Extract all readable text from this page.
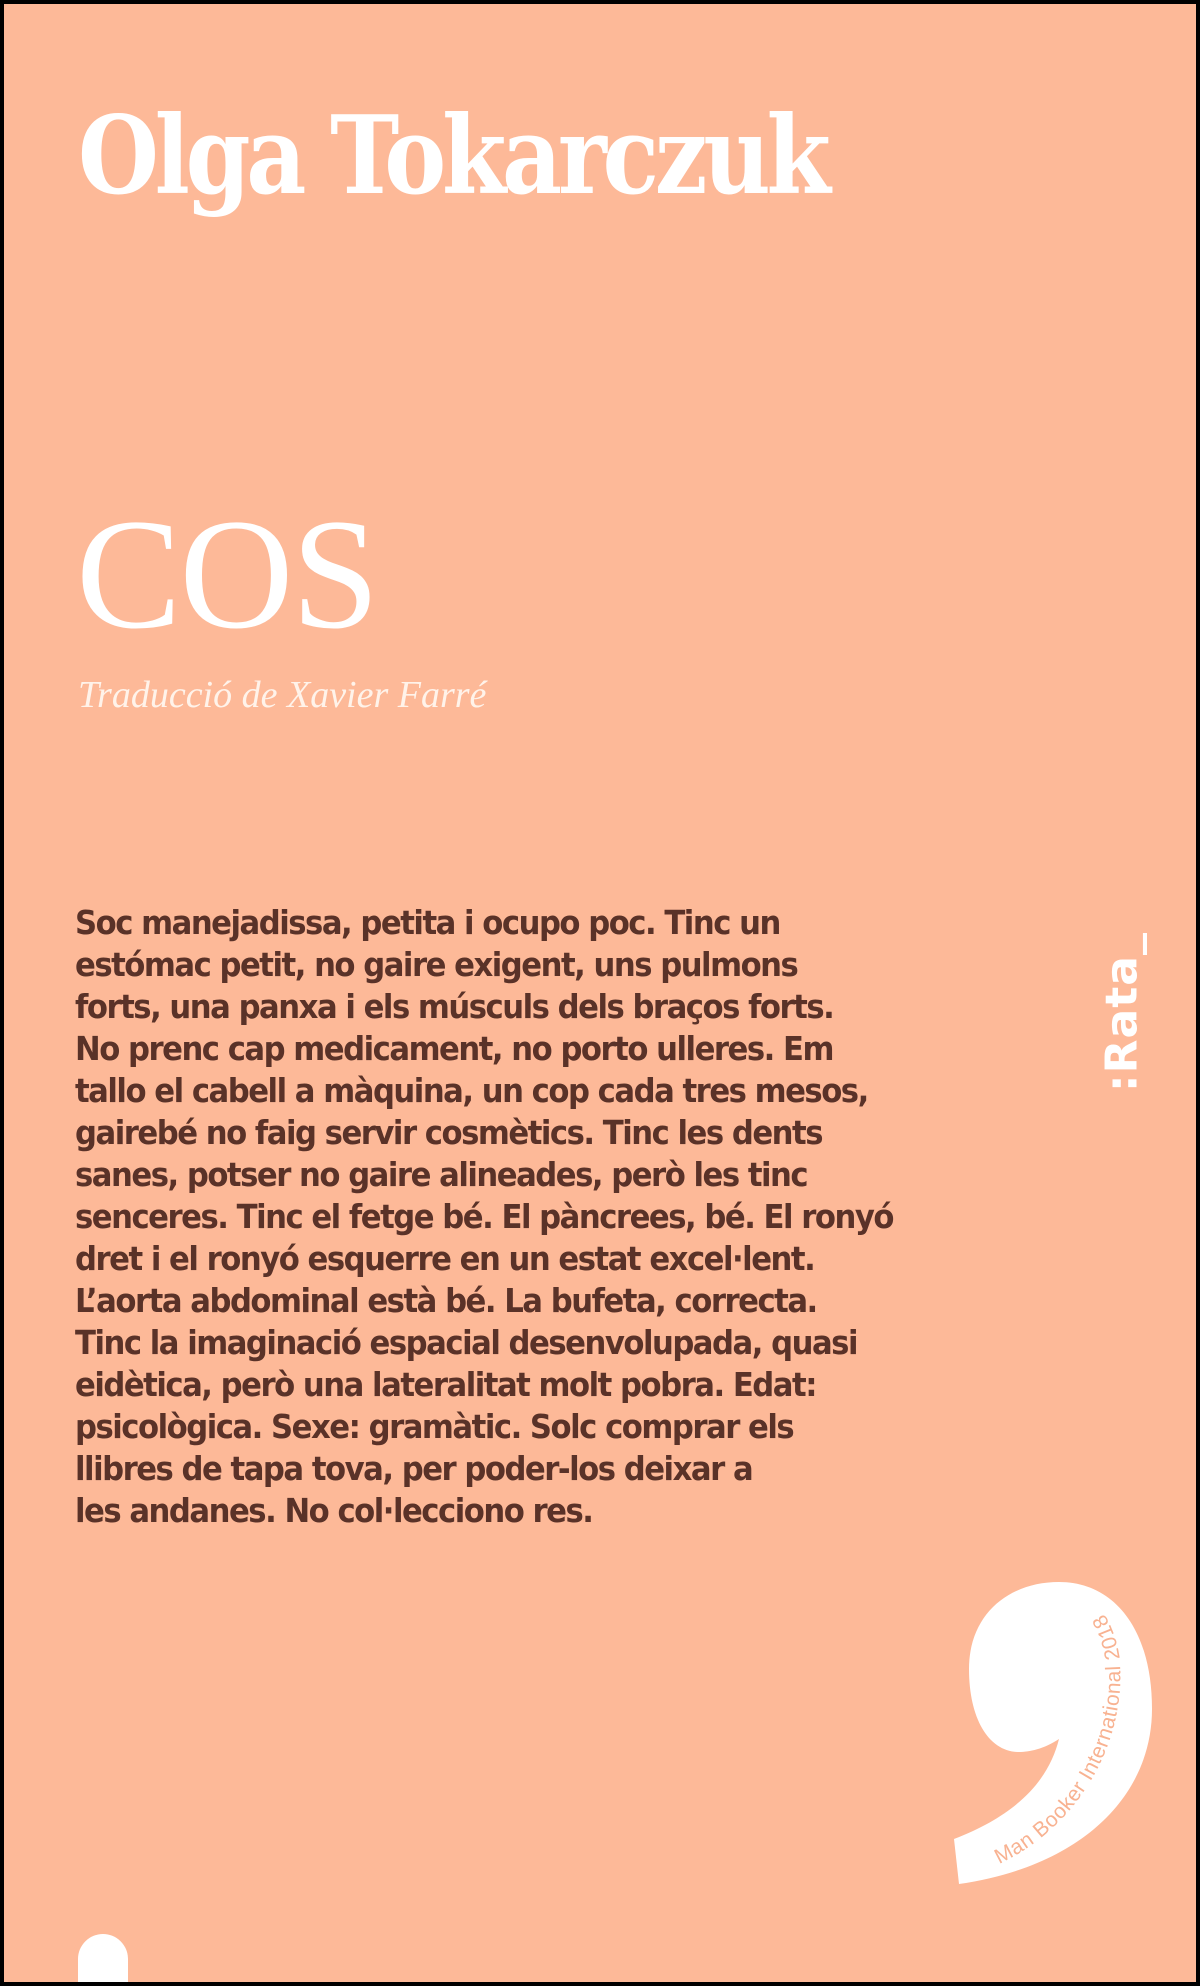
Olga Tokarczuk
COS

Traducció de Xavier Farré

Soc manejadissa, petita i ocupo poc. Tinc un
estómac petit, no gaire exigent, uns pulmons
forts, una panxa i els músculs dels braços forts.
No prenc cap medicament, no porto ulleres. Em
tallo el cabell a màquina, un cop cada tres mesos,
gairebé no faig servir cosmètics. Tinc les dents
sanes, potser no gaire alineades, però les tinc
senceres. Tinc el fetge bé. El pàncrees, bé. El ronyó
dret i el ronyó esquerre en un estat excel·lent.
L’aorta abdominal està bé. La bufeta, correcta.
Tinc la imaginació espacial desenvolupada, quasi
eidètica, però una lateralitat molt pobra. Edat:
psicològica. Sexe: gramàtic. Solc comprar els
llibres de tapa tova, per poder-los deixar a
les andanes. No col·lecciono res.
:Rata_
Man Booker International 2018
